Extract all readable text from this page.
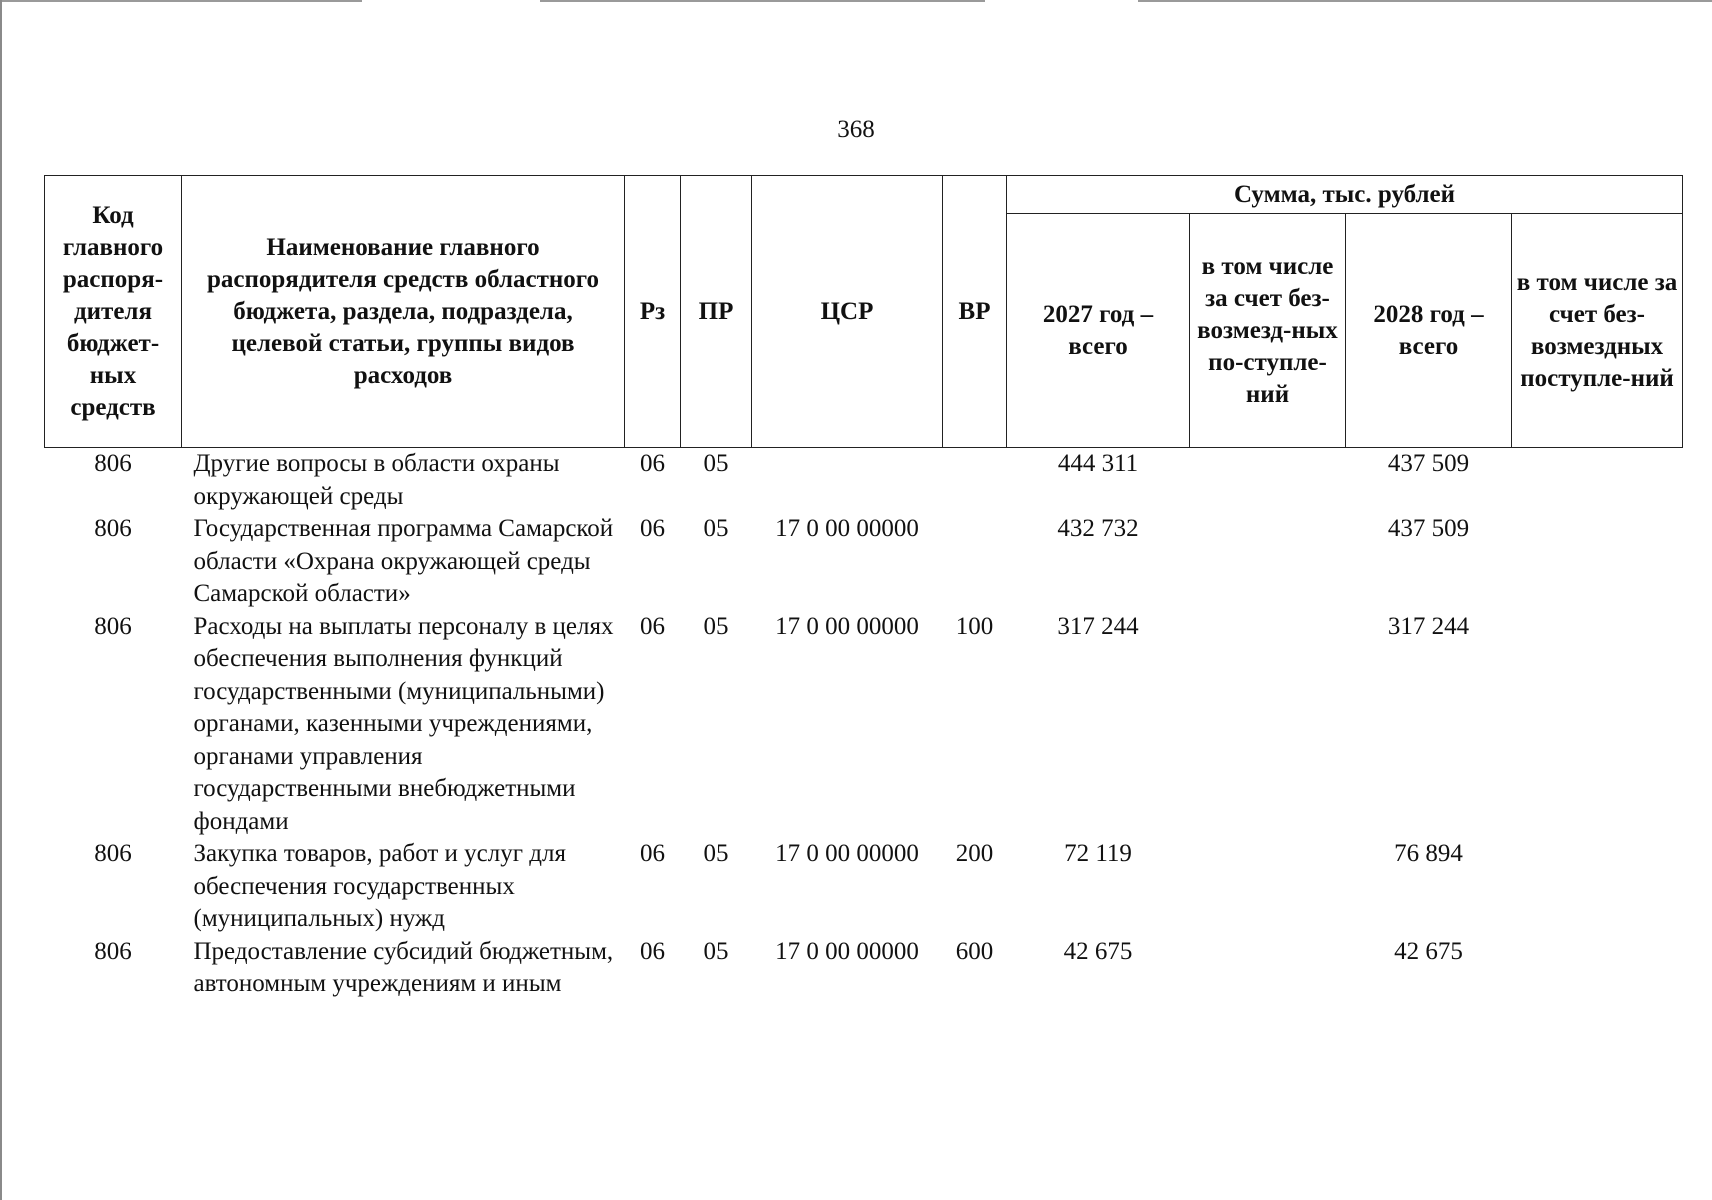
368
Код главного распоря-дителя бюджет-ных средств	Наименование главного распорядителя средств областного бюджета, раздела, подраздела, целевой статьи, группы видов расходов	Рз	ПР	ЦСР	ВР	Сумма, тыс. рублей			
						2027 год – всего	в том числе за счет без-возмезд-ных по-ступле-ний	2028 год – всего	в том числе за счет без-возмездных поступле-ний
806	Другие вопросы в области охраны окружающей среды	06	05			444 311		437 509	
806	Государственная программа Самарской области «Охрана окружающей среды Самарской области»	06	05	17 0 00 00000		432 732		437 509	
806	Расходы на выплаты персоналу в целях обеспечения выполнения функций государственными (муниципальными) органами, казенными учреждениями, органами управления государственными внебюджетными фондами	06	05	17 0 00 00000	100	317 244		317 244	
806	Закупка товаров, работ и услуг для обеспечения государственных (муниципальных) нужд	06	05	17 0 00 00000	200	72 119		76 894	
806	Предоставление субсидий бюджетным, автономным учреждениям и иным	06	05	17 0 00 00000	600	42 675		42 675	
